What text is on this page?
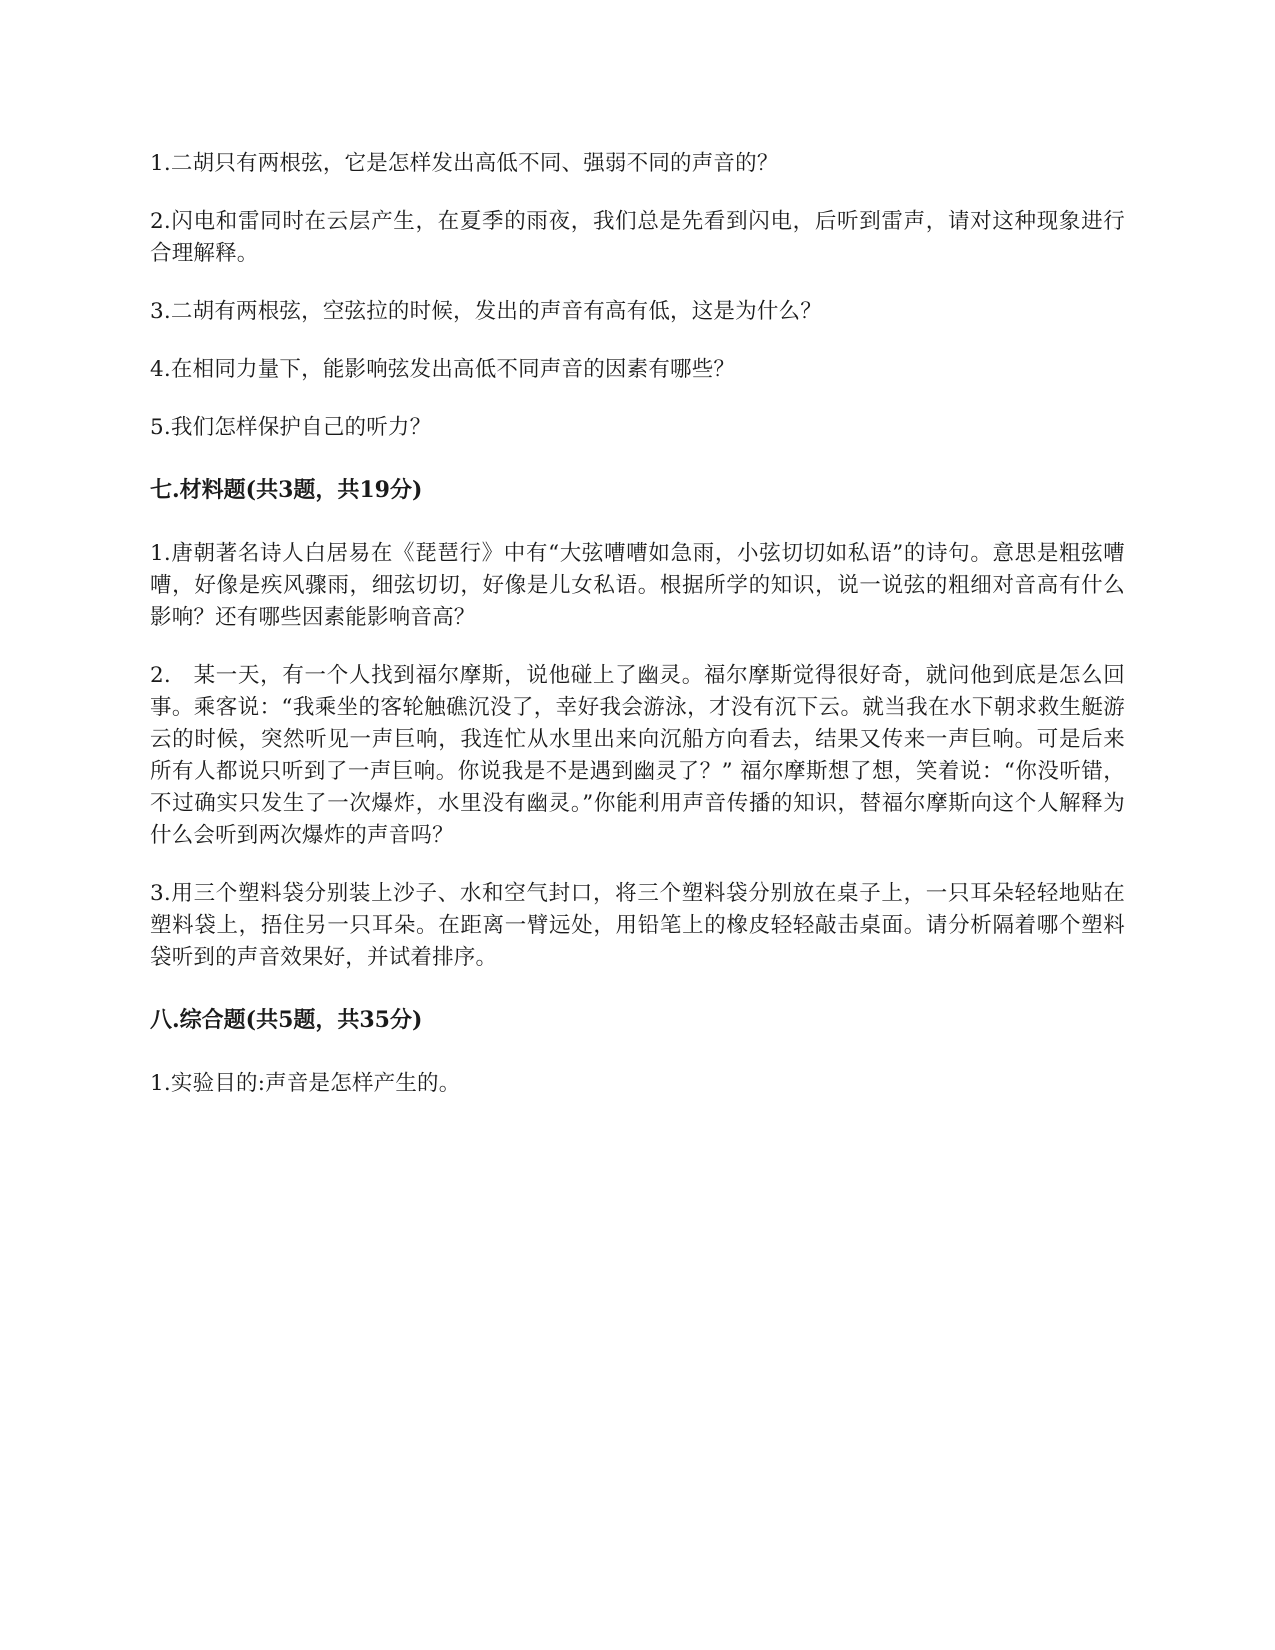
1.二胡只有两根弦，它是怎样发出高低不同、强弱不同的声音的？

2.闪电和雷同时在云层产生，在夏季的雨夜，我们总是先看到闪电，后听到雷声，请对这种现象进行合理解释。

3.二胡有两根弦，空弦拉的时候，发出的声音有高有低，这是为什么？

4.在相同力量下，能影响弦发出高低不同声音的因素有哪些？

5.我们怎样保护自己的听力？

七.材料题(共3题，共19分)

1.唐朝著名诗人白居易在《琵琶行》中有“大弦嘈嘈如急雨，小弦切切如私语”的诗句。意思是粗弦嘈嘈，好像是疾风骤雨，细弦切切，好像是儿女私语。根据所学的知识，说一说弦的粗细对音高有什么影响？还有哪些因素能影响音高？

2.　某一天，有一个人找到福尔摩斯，说他碰上了幽灵。福尔摩斯觉得很好奇，就问他到底是怎么回事。乘客说：“我乘坐的客轮触礁沉没了，幸好我会游泳，才没有沉下云。就当我在水下朝求救生艇游云的时候，突然听见一声巨响，我连忙从水里出来向沉船方向看去，结果又传来一声巨响。可是后来所有人都说只听到了一声巨响。你说我是不是遇到幽灵了？” 福尔摩斯想了想，笑着说：“你没听错，不过确实只发生了一次爆炸，水里没有幽灵。”你能利用声音传播的知识，替福尔摩斯向这个人解释为什么会听到两次爆炸的声音吗？

3.用三个塑料袋分别装上沙子、水和空气封口，将三个塑料袋分别放在桌子上，一只耳朵轻轻地贴在塑料袋上，捂住另一只耳朵。在距离一臂远处，用铅笔上的橡皮轻轻敲击桌面。请分析隔着哪个塑料袋听到的声音效果好，并试着排序。

八.综合题(共5题，共35分)

1.实验目的:声音是怎样产生的。
